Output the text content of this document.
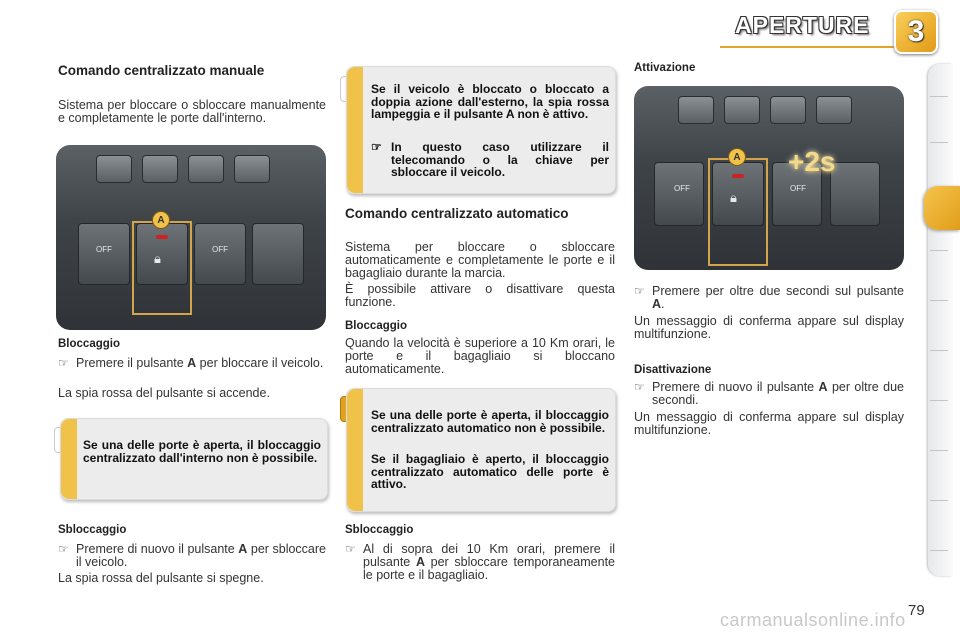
APERTURE	3
Comando centralizzato manuale
Sistema per bloccare o sbloccare manualmente e completamente le porte dall'interno.
A
🔒︎
OFF	OFF
Bloccaggio
☞ Premere il pulsante A per bloccare il veicolo.
La spia rossa del pulsante si accende.
Se una delle porte è aperta, il bloccaggio centralizzato dall'interno non è possibile.
Sbloccaggio
☞ Premere di nuovo il pulsante A per sbloccare il veicolo.
La spia rossa del pulsante si spegne.
Se il veicolo è bloccato o bloccato a doppia azione dall'esterno, la spia rossa lampeggia e il pulsante A non è attivo.
☞ In questo caso utilizzare il telecomando o la chiave per sbloccare il veicolo.
Comando centralizzato automatico
Sistema per bloccare o sbloccare automaticamente e completamente le porte e il bagagliaio durante la marcia.
È possibile attivare o disattivare questa funzione.
Bloccaggio
Quando la velocità è superiore a 10 Km orari, le porte e il bagagliaio si bloccano automaticamente.
Se una delle porte è aperta, il bloccaggio centralizzato automatico non è possibile.
Se il bagagliaio è aperto, il bloccaggio centralizzato automatico delle porte è attivo.
Sbloccaggio
☞ Al di sopra dei 10 Km orari, premere il pulsante A per sbloccare temporaneamente le porte e il bagagliaio.
Attivazione
A
🔒︎
OFF	OFF
+2s
☞ Premere per oltre due secondi sul pulsante A.
Un messaggio di conferma appare sul display multifunzione.
Disattivazione
☞ Premere di nuovo il pulsante A per oltre due secondi.
Un messaggio di conferma appare sul display multifunzione.
79
carmanualsonline.info
